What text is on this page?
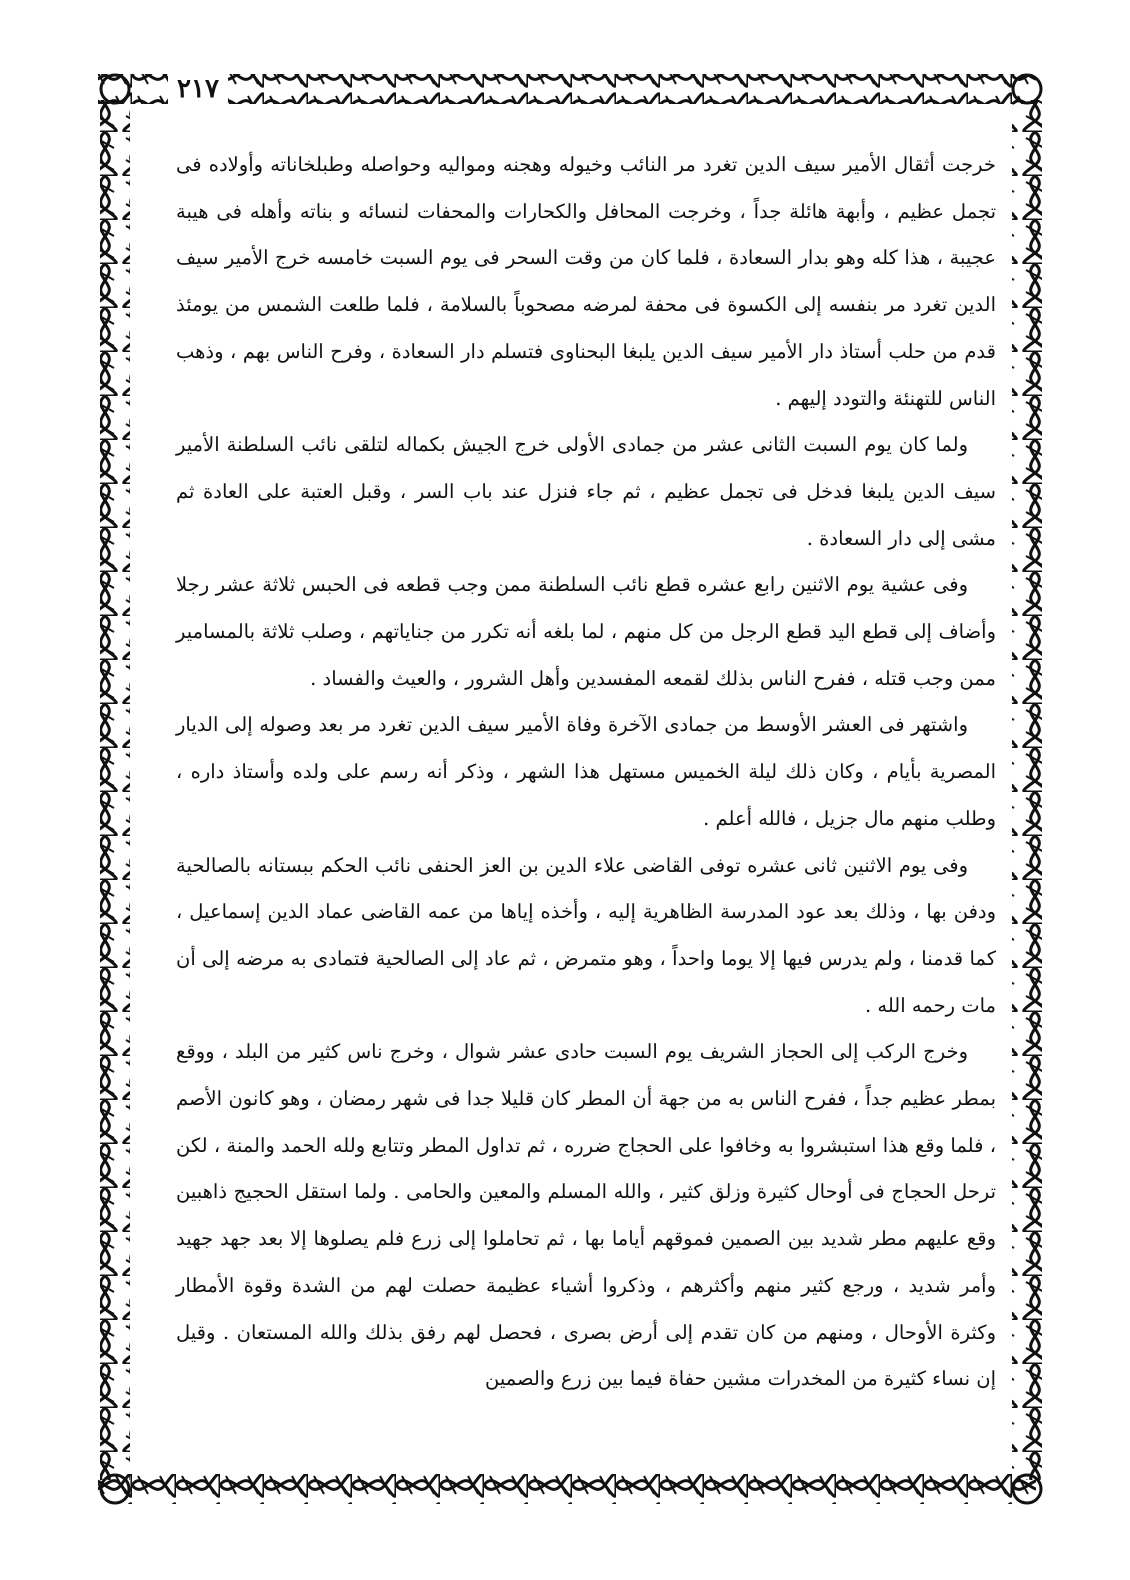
٢١٧

خرجت أثقال الأمير سيف الدين تغرد مر النائب وخيوله وهجنه ومواليه وحواصله وطبلخاناته وأولاده فى تجمل عظيم ، وأبهة هائلة جداً ، وخرجت المحافل والكحارات والمحفات لنسائه و بناته وأهله فى هيبة عجيبة ، هذا كله وهو بدار السعادة ، فلما كان من وقت السحر فى يوم السبت خامسه خرج الأمير سيف الدين تغرد مر بنفسه إلى الكسوة فى محفة لمرضه مصحوباً بالسلامة ، فلما طلعت الشمس من يومئذ قدم من حلب أستاذ دار الأمير سيف الدين يلبغا البحناوى فتسلم دار السعادة ، وفرح الناس بهم ، وذهب الناس للتهنئة والتودد إليهم .

ولما كان يوم السبت الثانى عشر من جمادى الأولى خرج الجيش بكماله لتلقى نائب السلطنة الأمير سيف الدين يلبغا فدخل فى تجمل عظيم ، ثم جاء فنزل عند باب السر ، وقبل العتبة على العادة ثم مشى إلى دار السعادة .

وفى عشية يوم الاثنين رابع عشره قطع نائب السلطنة ممن وجب قطعه فى الحبس ثلاثة عشر رجلا وأضاف إلى قطع اليد قطع الرجل من كل منهم ، لما بلغه أنه تكرر من جناياتهم ، وصلب ثلاثة بالمسامير ممن وجب قتله ، ففرح الناس بذلك لقمعه المفسدين وأهل الشرور ، والعيث والفساد .

واشتهر فى العشر الأوسط من جمادى الآخرة وفاة الأمير سيف الدين تغرد مر بعد وصوله إلى الديار المصرية بأيام ، وكان ذلك ليلة الخميس مستهل هذا الشهر ، وذكر أنه رسم على ولده وأستاذ داره ، وطلب منهم مال جزيل ، فالله أعلم .

وفى يوم الاثنين ثانى عشره توفى القاضى علاء الدين بن العز الحنفى نائب الحكم ببستانه بالصالحية ودفن بها ، وذلك بعد عود المدرسة الظاهرية إليه ، وأخذه إياها من عمه القاضى عماد الدين إسماعيل ، كما قدمنا ، ولم يدرس فيها إلا يوما واحداً ، وهو متمرض ، ثم عاد إلى الصالحية فتمادى به مرضه إلى أن مات رحمه الله .

وخرج الركب إلى الحجاز الشريف يوم السبت حادى عشر شوال ، وخرج ناس كثير من البلد ، ووقع بمطر عظيم جداً ، ففرح الناس به من جهة أن المطر كان قليلا جدا فى شهر رمضان ، وهو كانون الأصم ، فلما وقع هذا استبشروا به وخافوا على الحجاج ضرره ، ثم تداول المطر وتتابع ولله الحمد والمنة ، لكن ترحل الحجاج فى أوحال كثيرة وزلق كثير ، والله المسلم والمعين والحامى . ولما استقل الحجيج ذاهبين وقع عليهم مطر شديد بين الصمين فموقهم أياما بها ، ثم تحاملوا إلى زرع فلم يصلوها إلا بعد جهد جهيد وأمر شديد ، ورجع كثير منهم وأكثرهم ، وذكروا أشياء عظيمة حصلت لهم من الشدة وقوة الأمطار وكثرة الأوحال ، ومنهم من كان تقدم إلى أرض بصرى ، فحصل لهم رفق بذلك والله المستعان . وقيل إن نساء كثيرة من المخدرات مشين حفاة فيما بين زرع والصمين
